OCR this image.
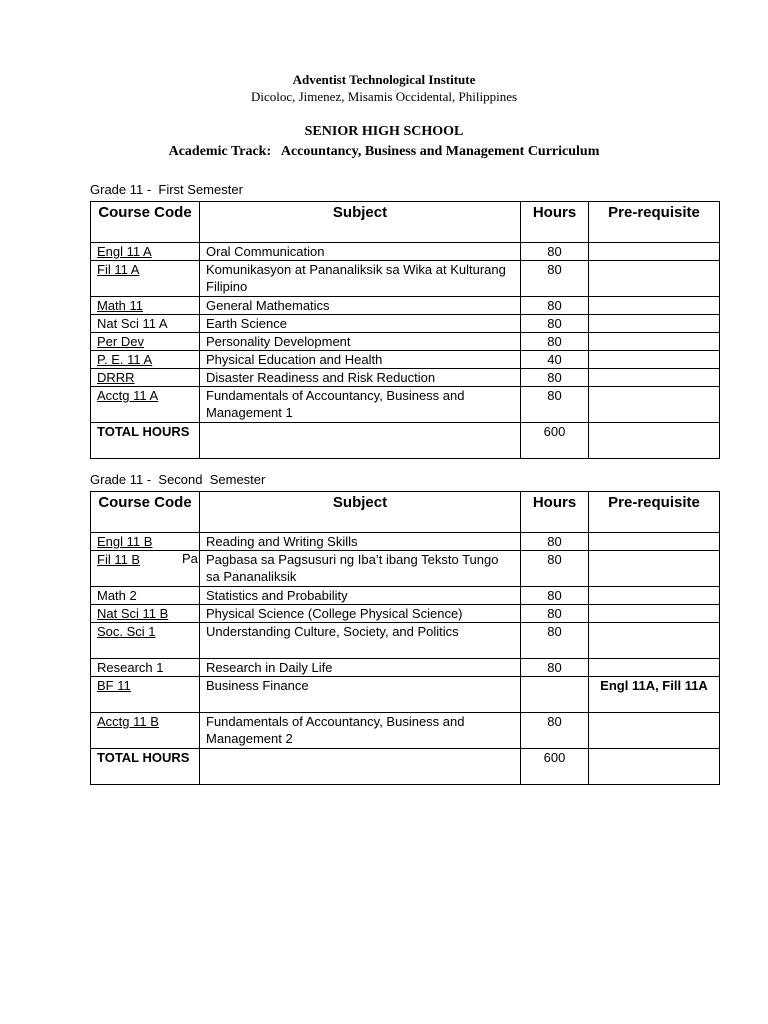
Adventist Technological Institute
Dicoloc, Jimenez, Misamis Occidental, Philippines
SENIOR HIGH SCHOOL
Academic Track:   Accountancy, Business and Management Curriculum
Grade 11 -  First Semester
Course Code	Subject	Hours	Pre-requisite
Engl 11 A	Oral Communication	80	
Fil 11 A	Komunikasyon at Pananaliksik sa Wika at Kulturang Filipino	80	
Math 11	General Mathematics	80	
Nat Sci 11 A	Earth Science	80	
Per Dev	Personality Development	80	
P. E. 11 A	Physical Education and Health	40	
DRRR	Disaster Readiness and Risk Reduction	80	
Acctg 11 A	Fundamentals of Accountancy, Business and Management 1	80	
TOTAL HOURS		600	
Grade 11 -  Second  Semester
Course Code	Subject	Hours	Pre-requisite
Engl 11 B	Reading and Writing Skills	80	
Fil 11 B	Pagbasa sa Pagsusuri ng Iba’t ibang Teksto Tungo sa Pananaliksik	80	
Math 2	Statistics and Probability	80	
Nat Sci 11 B	Physical Science (College Physical Science)	80	
Soc. Sci 1	Understanding Culture, Society, and Politics	80	
Research 1	Research in Daily Life	80	
BF 11	Business Finance		Engl 11A, Fill 11A
Acctg 11 B	Fundamentals of Accountancy, Business and Management 2	80	
TOTAL HOURS		600	
Pa
